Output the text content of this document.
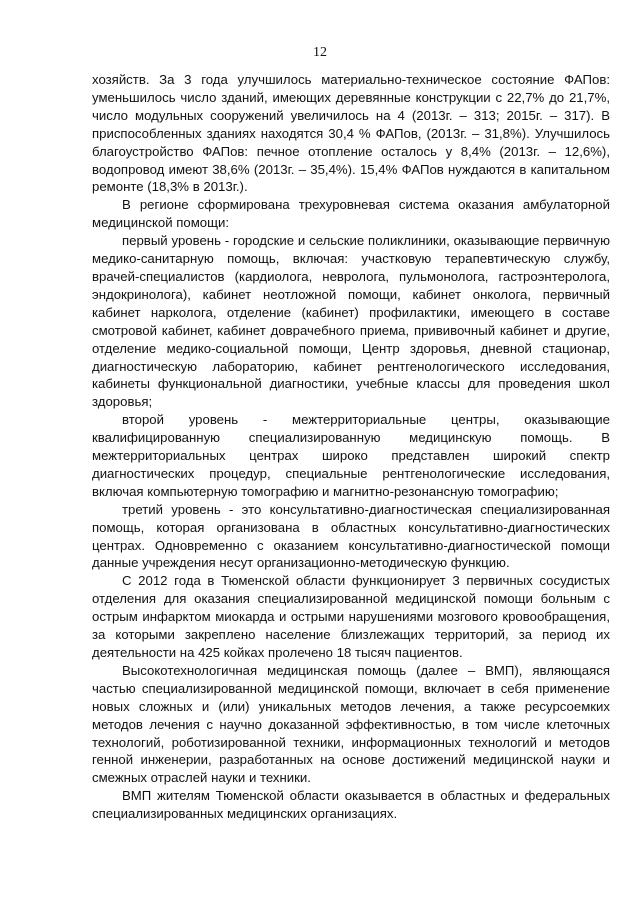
12

хозяйств. За 3 года улучшилось материально-техническое состояние ФАПов: уменьшилось число зданий, имеющих деревянные конструкции с 22,7% до 21,7%, число модульных сооружений увеличилось на 4 (2013г. – 313; 2015г. – 317). В приспособленных зданиях находятся 30,4 % ФАПов, (2013г. – 31,8%). Улучшилось благоустройство ФАПов: печное отопление осталось у 8,4% (2013г. – 12,6%), водопровод имеют 38,6% (2013г. – 35,4%). 15,4% ФАПов нуждаются в капитальном ремонте (18,3% в 2013г.).

В регионе сформирована трехуровневая система оказания амбулаторной медицинской помощи:

первый уровень - городские и сельские поликлиники, оказывающие первичную медико-санитарную помощь, включая: участковую терапевтическую службу, врачей-специалистов (кардиолога, невролога, пульмонолога, гастроэнтеролога, эндокринолога), кабинет неотложной помощи, кабинет онколога, первичный кабинет нарколога, отделение (кабинет) профилактики, имеющего в составе смотровой кабинет, кабинет доврачебного приема, прививочный кабинет и другие, отделение медико-социальной помощи, Центр здоровья, дневной стационар, диагностическую лабораторию, кабинет рентгенологического исследования, кабинеты функциональной диагностики, учебные классы для проведения школ здоровья;

второй уровень - межтерриториальные центры, оказывающие квалифицированную специализированную медицинскую помощь. В межтерриториальных центрах широко представлен широкий спектр диагностических процедур, специальные рентгенологические исследования, включая компьютерную томографию и магнитно-резонансную томографию;

третий уровень - это консультативно-диагностическая специализированная помощь, которая организована в областных консультативно-диагностических центрах. Одновременно с оказанием консультативно-диагностической помощи данные учреждения несут организационно-методическую функцию.

С 2012 года в Тюменской области функционирует 3 первичных сосудистых отделения для оказания специализированной медицинской помощи больным с острым инфарктом миокарда и острыми нарушениями мозгового кровообращения, за которыми закреплено население близлежащих территорий, за период их деятельности на 425 койках пролечено 18 тысяч пациентов.

Высокотехнологичная медицинская помощь (далее – ВМП), являющаяся частью специализированной медицинской помощи, включает в себя применение новых сложных и (или) уникальных методов лечения, а также ресурсоемких методов лечения с научно доказанной эффективностью, в том числе клеточных технологий, роботизированной техники, информационных технологий и методов генной инженерии, разработанных на основе достижений медицинской науки и смежных отраслей науки и техники.

ВМП жителям Тюменской области оказывается в областных и федеральных специализированных медицинских организациях.
